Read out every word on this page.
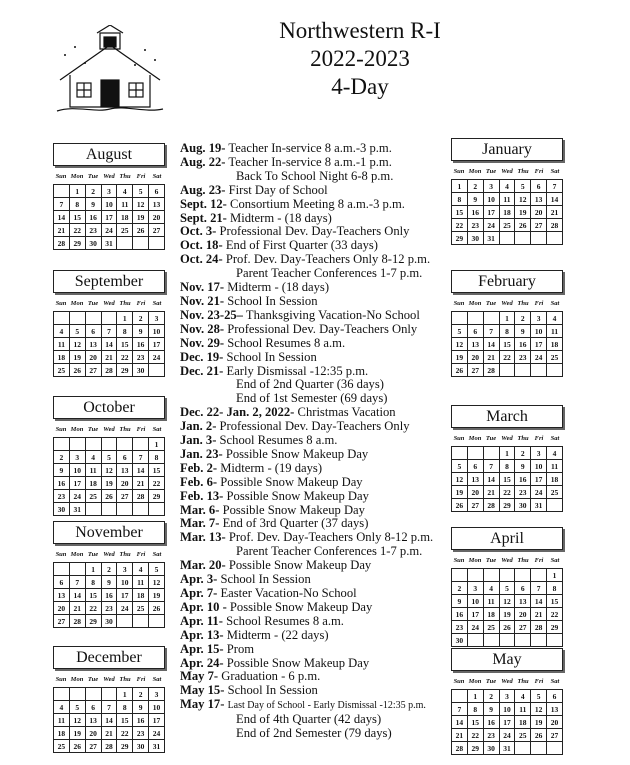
Northwestern R-I
2022-2023
4-Day
August
Sun Mon Tue Wed Thu Fri	Sat
	1	2	3	4	5	6
7	8	9	10	11	12	13
14	15	16	17	18	19	20
21	22	23	24	25	26	27
28	29	30	31			
September
Sun Mon Tue Wed Thu Fri	Sat
				1	2	3
4	5	6	7	8	9	10
11	12	13	14	15	16	17
18	19	20	21	22	23	24
25	26	27	28	29	30	
October
Sun Mon Tue Wed Thu Fri	Sat
						1
2	3	4	5	6	7	8
9	10	11	12	13	14	15
16	17	18	19	20	21	22
23	24	25	26	27	28	29
30	31					
November
Sun Mon Tue Wed Thu Fri	Sat
		1	2	3	4	5
6	7	8	9	10	11	12
13	14	15	16	17	18	19
20	21	22	23	24	25	26
27	28	29	30			
December
Sun Mon Tue Wed Thu Fri	Sat
				1	2	3
4	5	6	7	8	9	10
11	12	13	14	15	16	17
18	19	20	21	22	23	24
25	26	27	28	29	30	31
January
Sun Mon Tue Wed Thu Fri	Sat
1	2	3	4	5	6	7
8	9	10	11	12	13	14
15	16	17	18	19	20	21
22	23	24	25	26	27	28
29	30	31				
February
Sun Mon Tue Wed Thu Fri	Sat
			1	2	3	4
5	6	7	8	9	10	11
12	13	14	15	16	17	18
19	20	21	22	23	24	25
26	27	28				
March
Sun Mon Tue Wed Thu Fri	Sat
			1	2	3	4
5	6	7	8	9	10	11
12	13	14	15	16	17	18
19	20	21	22	23	24	25
26	27	28	29	30	31	
April
Sun Mon Tue Wed Thu Fri	Sat
						1
2	3	4	5	6	7	8
9	10	11	12	13	14	15
16	17	18	19	20	21	22
23	24	25	26	27	28	29
30						
May
Sun Mon Tue Wed Thu Fri	Sat
	1	2	3	4	5	6
7	8	9	10	11	12	13
14	15	16	17	18	19	20
21	22	23	24	25	26	27
28	29	30	31			
Aug. 19- Teacher In-service 8 a.m.-3 p.m.
Aug. 22- Teacher In-service 8 a.m.-1 p.m.
Back To School Night 6-8 p.m.
Aug. 23- First Day of School
Sept. 12- Consortium Meeting 8 a.m.-3 p.m.
Sept. 21- Midterm - (18 days)
Oct. 3- Professional Dev. Day-Teachers Only
Oct. 18- End of First Quarter (33 days)
Oct. 24- Prof. Dev. Day-Teachers Only 8-12 p.m.
Parent Teacher Conferences 1-7 p.m.
Nov. 17- Midterm - (18 days)
Nov. 21- School In Session
Nov. 23-25– Thanksgiving Vacation-No School
Nov. 28- Professional Dev. Day-Teachers Only
Nov. 29- School Resumes 8 a.m.
Dec. 19- School In Session
Dec. 21- Early Dismissal -12:35 p.m.
End of 2nd Quarter (36 days)
End of 1st Semester (69 days)
Dec. 22- Jan. 2, 2022- Christmas Vacation
Jan. 2- Professional Dev. Day-Teachers Only
Jan. 3- School Resumes 8 a.m.
Jan. 23- Possible Snow Makeup Day
Feb. 2- Midterm - (19 days)
Feb. 6- Possible Snow Makeup Day
Feb. 13- Possible Snow Makeup Day
Mar. 6- Possible Snow Makeup Day
Mar. 7- End of 3rd Quarter (37 days)
Mar. 13- Prof. Dev. Day-Teachers Only 8-12 p.m.
Parent Teacher Conferences 1-7 p.m.
Mar. 20- Possible Snow Makeup Day
Apr. 3- School In Session
Apr. 7- Easter Vacation-No School
Apr. 10 - Possible Snow Makeup Day
Apr. 11- School Resumes 8 a.m.
Apr. 13- Midterm - (22 days)
Apr. 15- Prom
Apr. 24- Possible Snow Makeup Day
May 7- Graduation - 6 p.m.
May 15- School In Session
May 17- Last Day of School - Early Dismissal -12:35 p.m.
End of 4th Quarter (42 days)
End of 2nd Semester (79 days)
